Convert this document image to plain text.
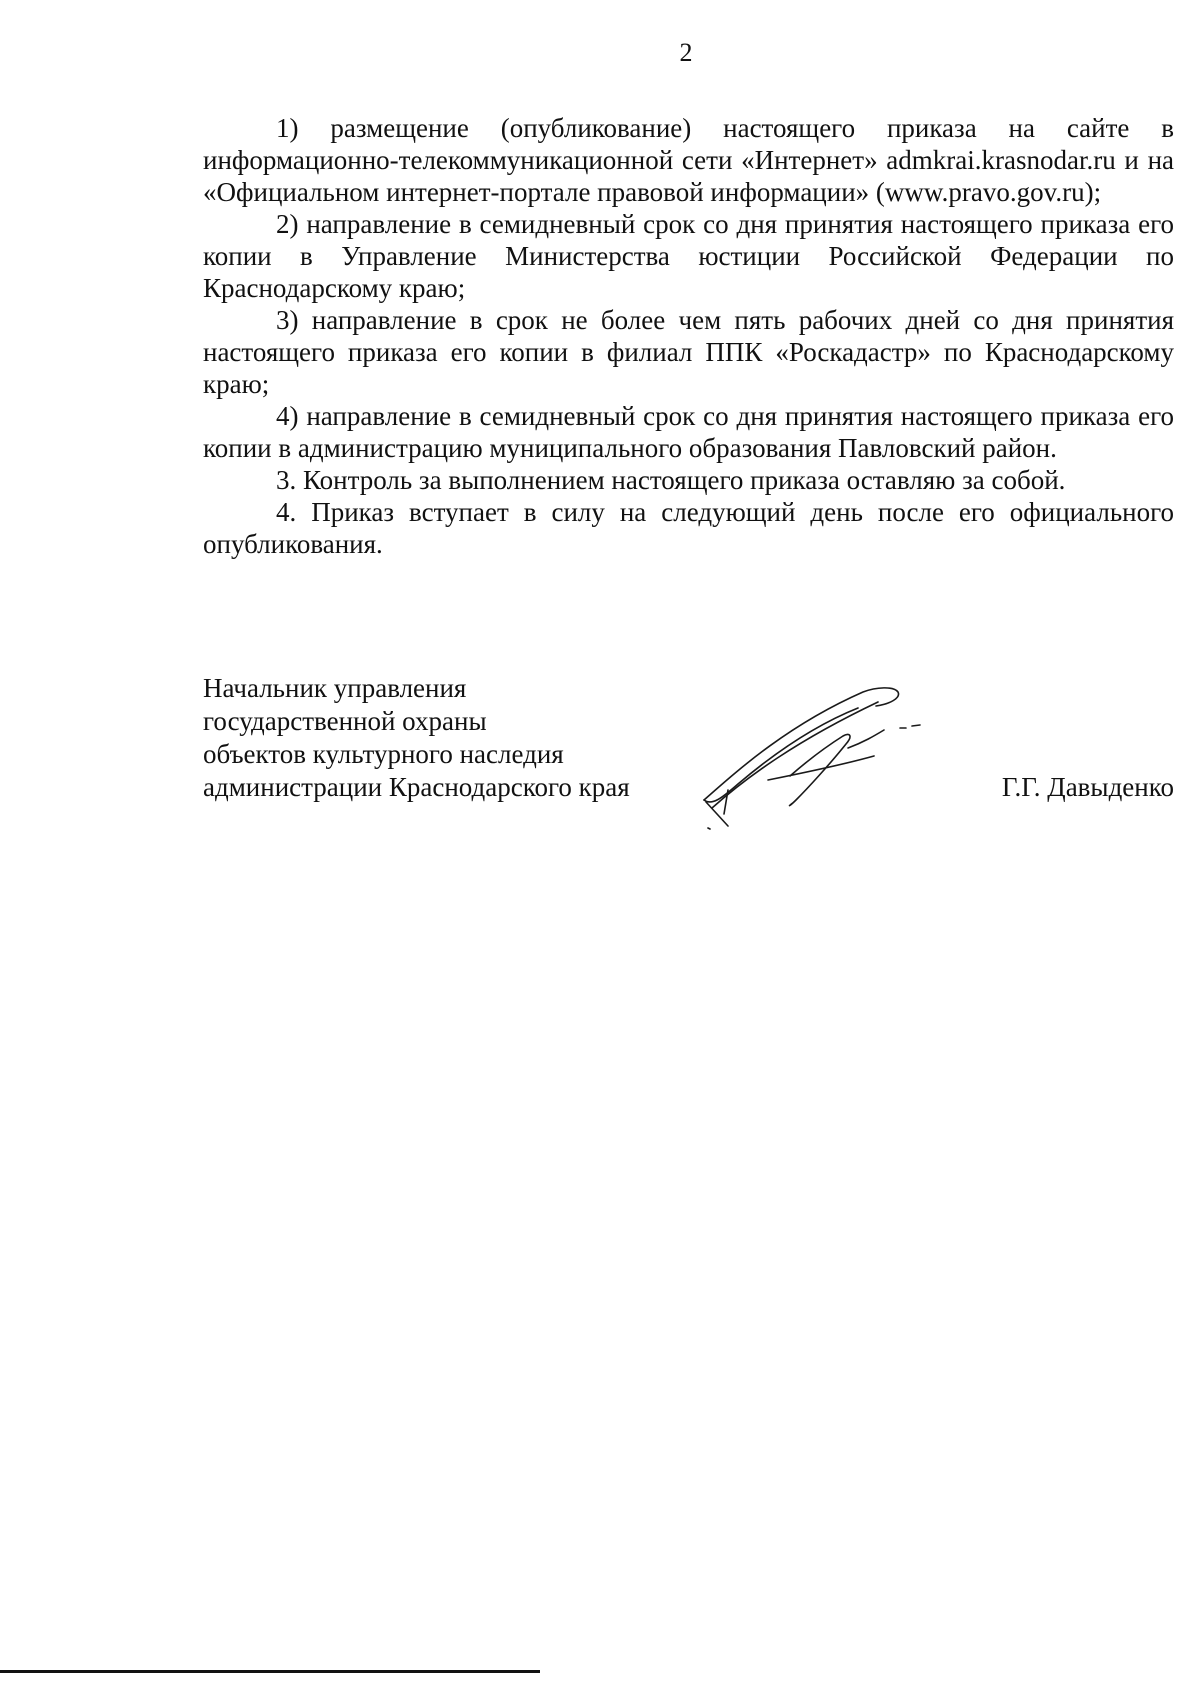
2

1) размещение (опубликование) настоящего приказа на сайте в информационно-телекоммуникационной сети «Интернет» admkrai.krasnodar.ru и на «Официальном интернет-портале правовой информации» (www.pravo.gov.ru);

2) направление в семидневный срок со дня принятия настоящего приказа его копии в Управление Министерства юстиции Российской Федерации по Краснодарскому краю;

3) направление в срок не более чем пять рабочих дней со дня принятия настоящего приказа его копии в филиал ППК «Роскадастр» по Краснодарскому краю;

4) направление в семидневный срок со дня принятия настоящего приказа его копии в администрацию муниципального образования Павловский район.

3. Контроль за выполнением настоящего приказа оставляю за собой.

4. Приказ вступает в силу на следующий день после его официального опубликования.

Начальник управления
государственной охраны
объектов культурного наследия
администрации Краснодарского края	Г.Г. Давыденко
